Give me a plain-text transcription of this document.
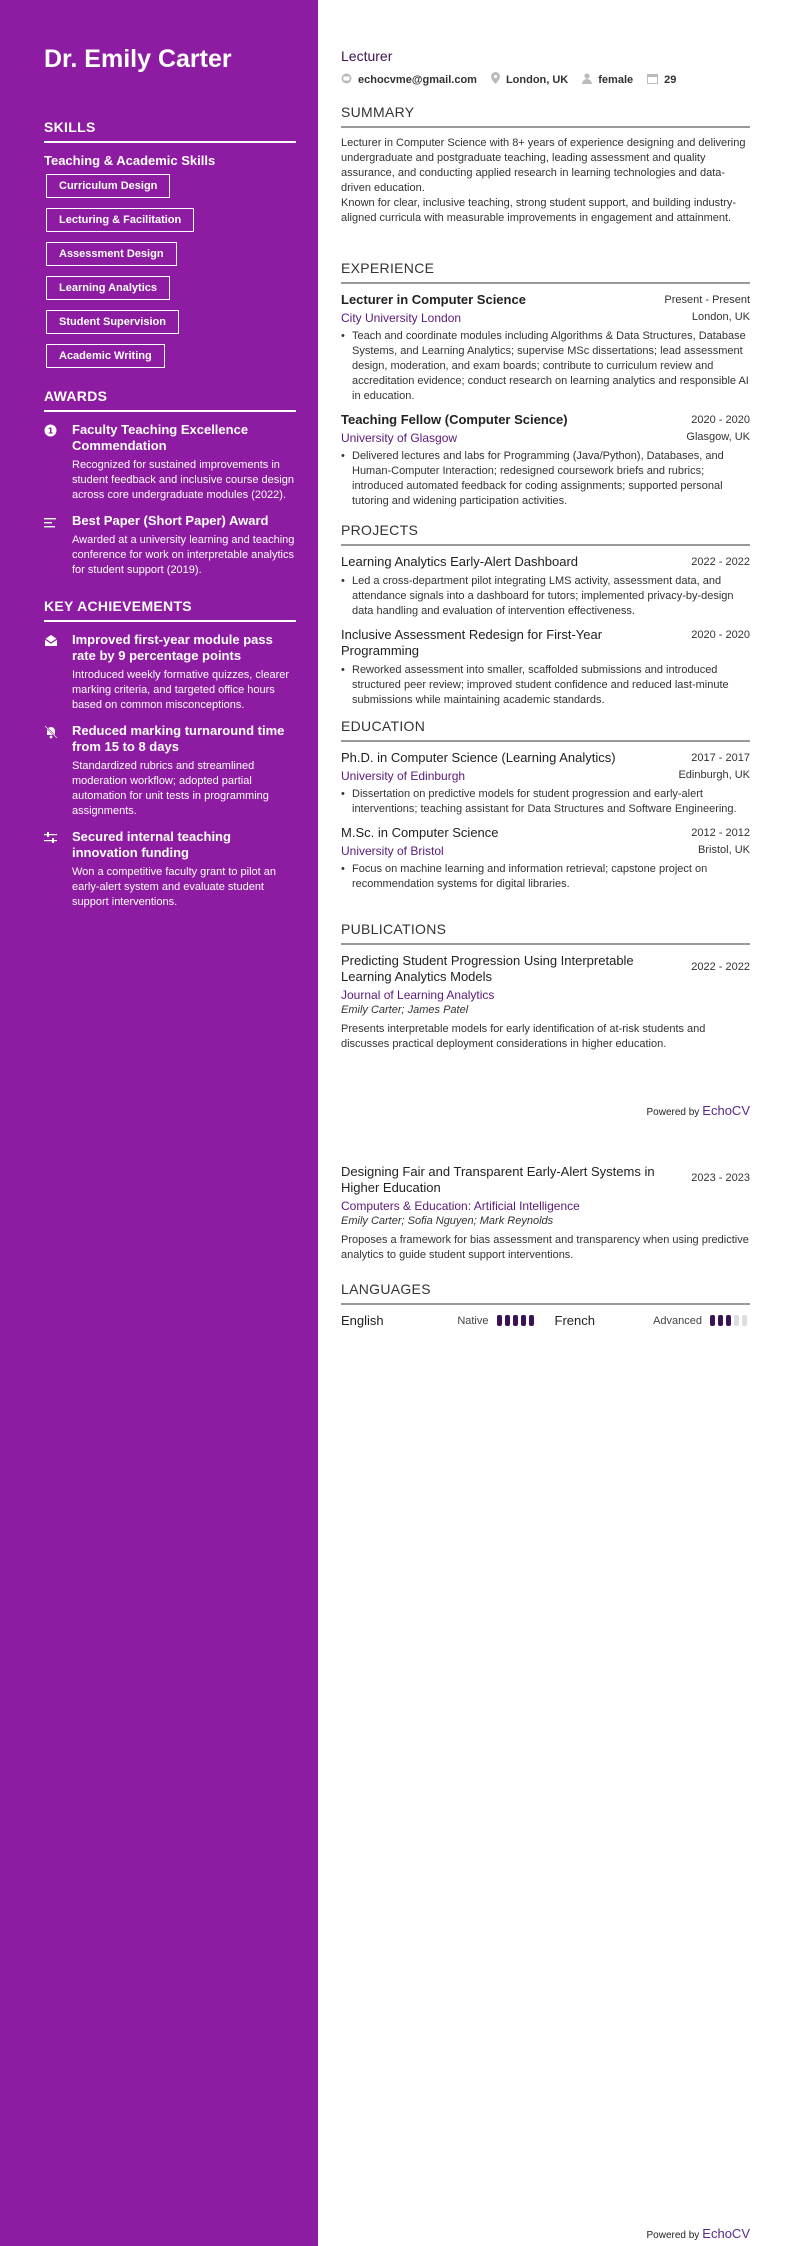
Dr. Emily Carter
SKILLS
Teaching & Academic Skills
Curriculum Design
Lecturing & Facilitation
Assessment Design
Learning Analytics
Student Supervision
Academic Writing
AWARDS
1 Faculty Teaching Excellence Commendation
Recognized for sustained improvements in student feedback and inclusive course design across core undergraduate modules (2022).
Best Paper (Short Paper) Award
Awarded at a university learning and teaching conference for work on interpretable analytics for student support (2019).
KEY ACHIEVEMENTS
Improved first-year module pass rate by 9 percentage points
Introduced weekly formative quizzes, clearer marking criteria, and targeted office hours based on common misconceptions.
Reduced marking turnaround time from 15 to 8 days
Standardized rubrics and streamlined moderation workflow; adopted partial automation for unit tests in programming assignments.
Secured internal teaching innovation funding
Won a competitive faculty grant to pilot an early-alert system and evaluate student support interventions.
Lecturer
echocvme@gmail.com	London, UK	female	29
SUMMARY
Lecturer in Computer Science with 8+ years of experience designing and delivering undergraduate and postgraduate teaching, leading assessment and quality assurance, and conducting applied research in learning technologies and data-driven education.
Known for clear, inclusive teaching, strong student support, and building industry-aligned curricula with measurable improvements in engagement and attainment.
EXPERIENCE
Lecturer in Computer Science	Present - Present
City University London	London, UK
• Teach and coordinate modules including Algorithms & Data Structures, Database Systems, and Learning Analytics; supervise MSc dissertations; lead assessment design, moderation, and exam boards; contribute to curriculum review and accreditation evidence; conduct research on learning analytics and responsible AI in education.
Teaching Fellow (Computer Science)	2020 - 2020
University of Glasgow	Glasgow, UK
• Delivered lectures and labs for Programming (Java/Python), Databases, and Human-Computer Interaction; redesigned coursework briefs and rubrics; introduced automated feedback for coding assignments; supported personal tutoring and widening participation activities.
PROJECTS
Learning Analytics Early-Alert Dashboard	2022 - 2022
• Led a cross-department pilot integrating LMS activity, assessment data, and attendance signals into a dashboard for tutors; implemented privacy-by-design data handling and evaluation of intervention effectiveness.
Inclusive Assessment Redesign for First-Year Programming
2020 - 2020
• Reworked assessment into smaller, scaffolded submissions and introduced structured peer review; improved student confidence and reduced last-minute submissions while maintaining academic standards.
EDUCATION
Ph.D. in Computer Science (Learning Analytics)	2017 - 2017
University of Edinburgh	Edinburgh, UK
• Dissertation on predictive models for student progression and early-alert interventions; teaching assistant for Data Structures and Software Engineering.
M.Sc. in Computer Science	2012 - 2012
University of Bristol	Bristol, UK
• Focus on machine learning and information retrieval; capstone project on recommendation systems for digital libraries.
PUBLICATIONS
Predicting Student Progression Using Interpretable Learning Analytics Models
2022 - 2022
Journal of Learning Analytics
Emily Carter; James Patel
Presents interpretable models for early identification of at-risk students and discusses practical deployment considerations in higher education.
Designing Fair and Transparent Early-Alert Systems in Higher Education
2023 - 2023
Computers & Education: Artificial Intelligence
Emily Carter; Sofia Nguyen; Mark Reynolds
Proposes a framework for bias assessment and transparency when using predictive analytics to guide student support interventions.
LANGUAGES
English	Native	French	Advanced
Powered by EchoCV
Powered by EchoCV
